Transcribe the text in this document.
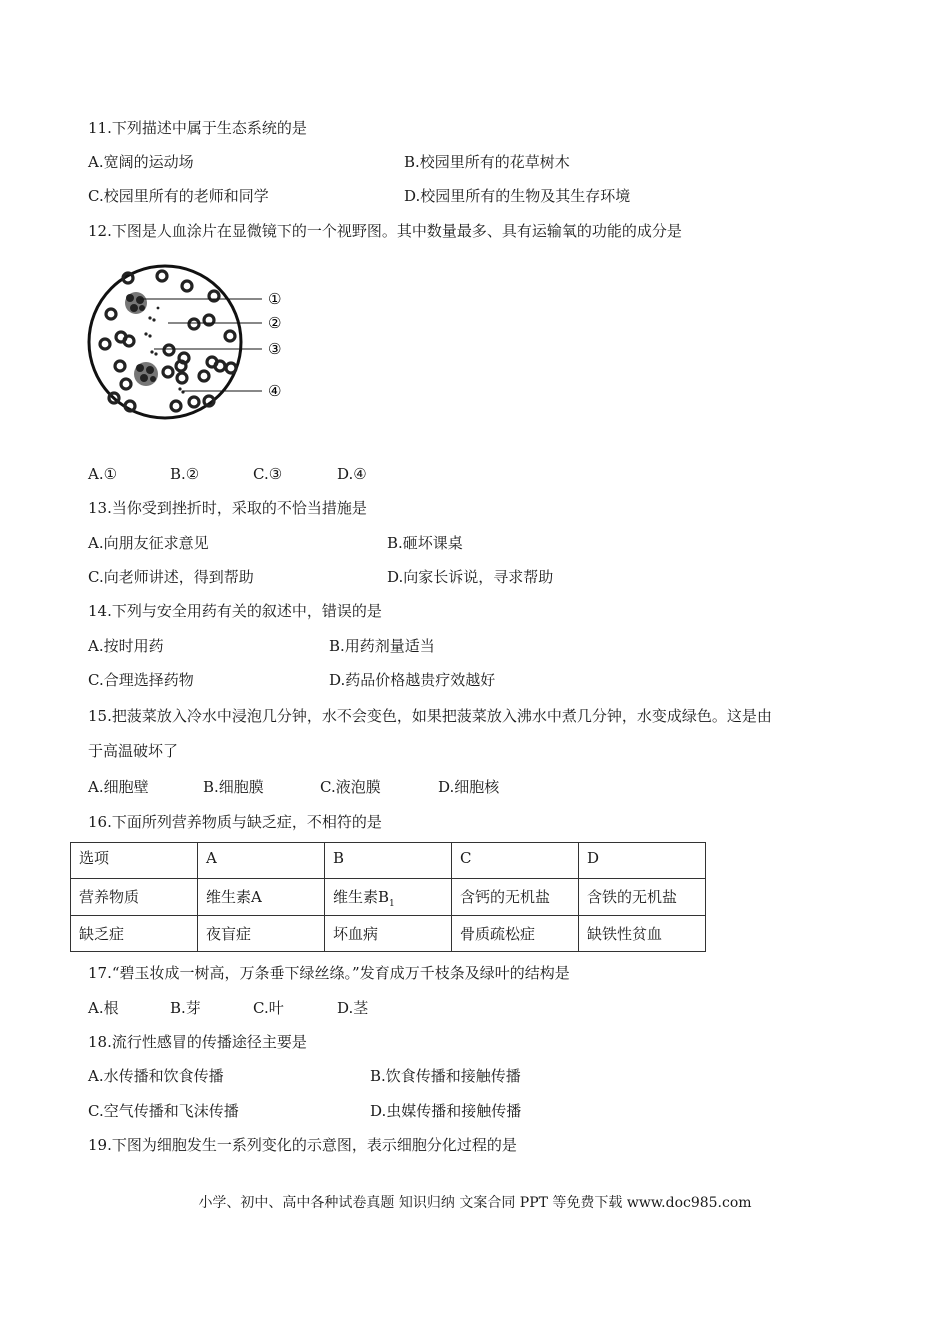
11.下列描述中属于生态系统的是
A.宽阔的运动场	B.校园里所有的花草树木
C.校园里所有的老师和同学	D.校园里所有的生物及其生存环境
12.下图是人血涂片在显微镜下的一个视野图。其中数量最多、具有运输氧的功能的成分是
①
②
③
④
A.①	B.②	C.③	D.④
13.当你受到挫折时，采取的不恰当措施是
A.向朋友征求意见	B.砸坏课桌
C.向老师讲述，得到帮助	D.向家长诉说，寻求帮助
14.下列与安全用药有关的叙述中，错误的是
A.按时用药	B.用药剂量适当
C.合理选择药物	D.药品价格越贵疗效越好
15.把菠菜放入冷水中浸泡几分钟，水不会变色，如果把菠菜放入沸水中煮几分钟，水变成绿色。这是由
于高温破坏了
A.细胞壁	B.细胞膜	C.液泡膜	D.细胞核
16.下面所列营养物质与缺乏症，不相符的是
选项	A	B	C	D
营养物质	维生素A	维生素$B_1$	含钙的无机盐	含铁的无机盐
缺乏症	夜盲症	坏血病	骨质疏松症	缺铁性贫血
17.“碧玉妆成一树高，万条垂下绿丝绦。”发育成万千枝条及绿叶的结构是
A.根	B.芽	C.叶	D.茎
18.流行性感冒的传播途径主要是
A.水传播和饮食传播	B.饮食传播和接触传播
C.空气传播和飞沫传播	D.虫媒传播和接触传播
19.下图为细胞发生一系列变化的示意图，表示细胞分化过程的是
小学、初中、高中各种试卷真题 知识归纳 文案合同 PPT 等免费下载 www.doc985.com
